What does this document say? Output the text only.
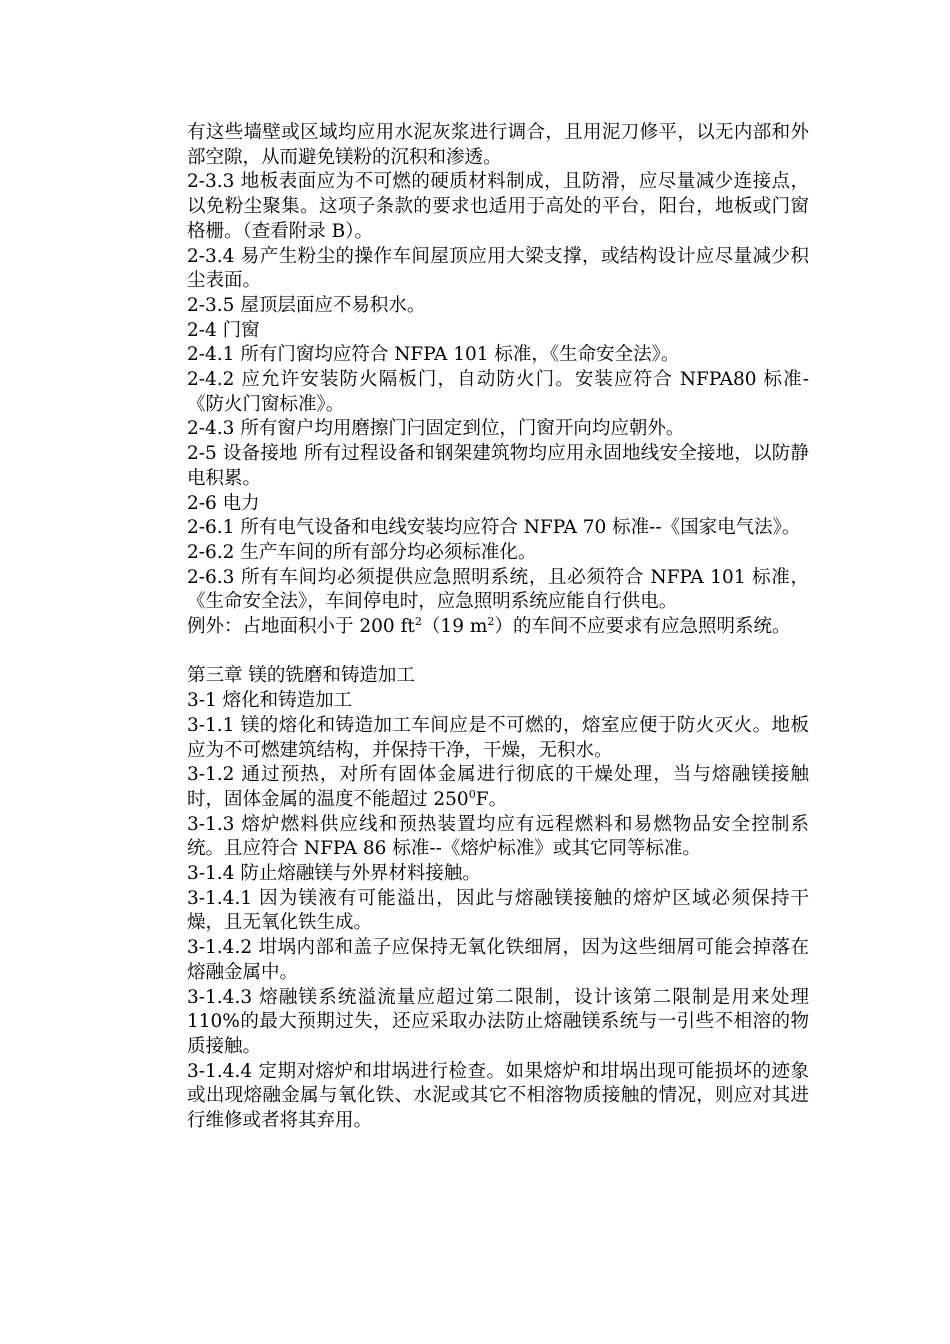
有这些墙壁或区域均应用水泥灰浆进行调合，且用泥刀修平，以无内部和外部空隙，从而避免镁粉的沉积和渗透。

2-3.3 地板表面应为不可燃的硬质材料制成，且防滑，应尽量减少连接点，以免粉尘聚集。这项子条款的要求也适用于高处的平台，阳台，地板或门窗格栅。（查看附录 B）。

2-3.4 易产生粉尘的操作车间屋顶应用大梁支撑，或结构设计应尽量减少积尘表面。

2-3.5 屋顶层面应不易积水。

2-4 门窗

2-4.1 所有门窗均应符合 NFPA 101 标准，《生命安全法》。

2-4.2 应允许安装防火隔板门，自动防火门。安装应符合 NFPA80 标准-《防火门窗标准》。

2-4.3 所有窗户均用磨擦门闩固定到位，门窗开向均应朝外。

2-5 设备接地 所有过程设备和钢架建筑物均应用永固地线安全接地，以防静电积累。

2-6 电力

2-6.1 所有电气设备和电线安装均应符合 NFPA 70 标准--《国家电气法》。

2-6.2 生产车间的所有部分均必须标准化。

2-6.3 所有车间均必须提供应急照明系统，且必须符合 NFPA 101 标准，《生命安全法》，车间停电时，应急照明系统应能自行供电。

例外：占地面积小于 200 $ft^2(19$ $m^2$）的车间不应要求有应急照明系统。

第三章 镁的铣磨和铸造加工

3-1 熔化和铸造加工

3-1.1 镁的熔化和铸造加工车间应是不可燃的，熔室应便于防火灭火。地板应为不可燃建筑结构，并保持干净，干燥，无积水。

3-1.2 通过预热，对所有固体金属进行彻底的干燥处理，当与熔融镁接触时，固体金属的温度不能超过 $250^0F$。

3-1.3 熔炉燃料供应线和预热装置均应有远程燃料和易燃物品安全控制系统。且应符合 NFPA 86 标准--《熔炉标准》或其它同等标准。

3-1.4 防止熔融镁与外界材料接触。

3-1.4.1 因为镁液有可能溢出，因此与熔融镁接触的熔炉区域必须保持干燥，且无氧化铁生成。

3-1.4.2 坩埚内部和盖子应保持无氧化铁细屑，因为这些细屑可能会掉落在熔融金属中。

3-1.4.3 熔融镁系统溢流量应超过第二限制，设计该第二限制是用来处理 110%的最大预期过失，还应采取办法防止熔融镁系统与一引些不相溶的物质接触。

3-1.4.4 定期对熔炉和坩埚进行检查。如果熔炉和坩埚出现可能损坏的迹象或出现熔融金属与氧化铁、水泥或其它不相溶物质接触的情况，则应对其进行维修或者将其弃用。
